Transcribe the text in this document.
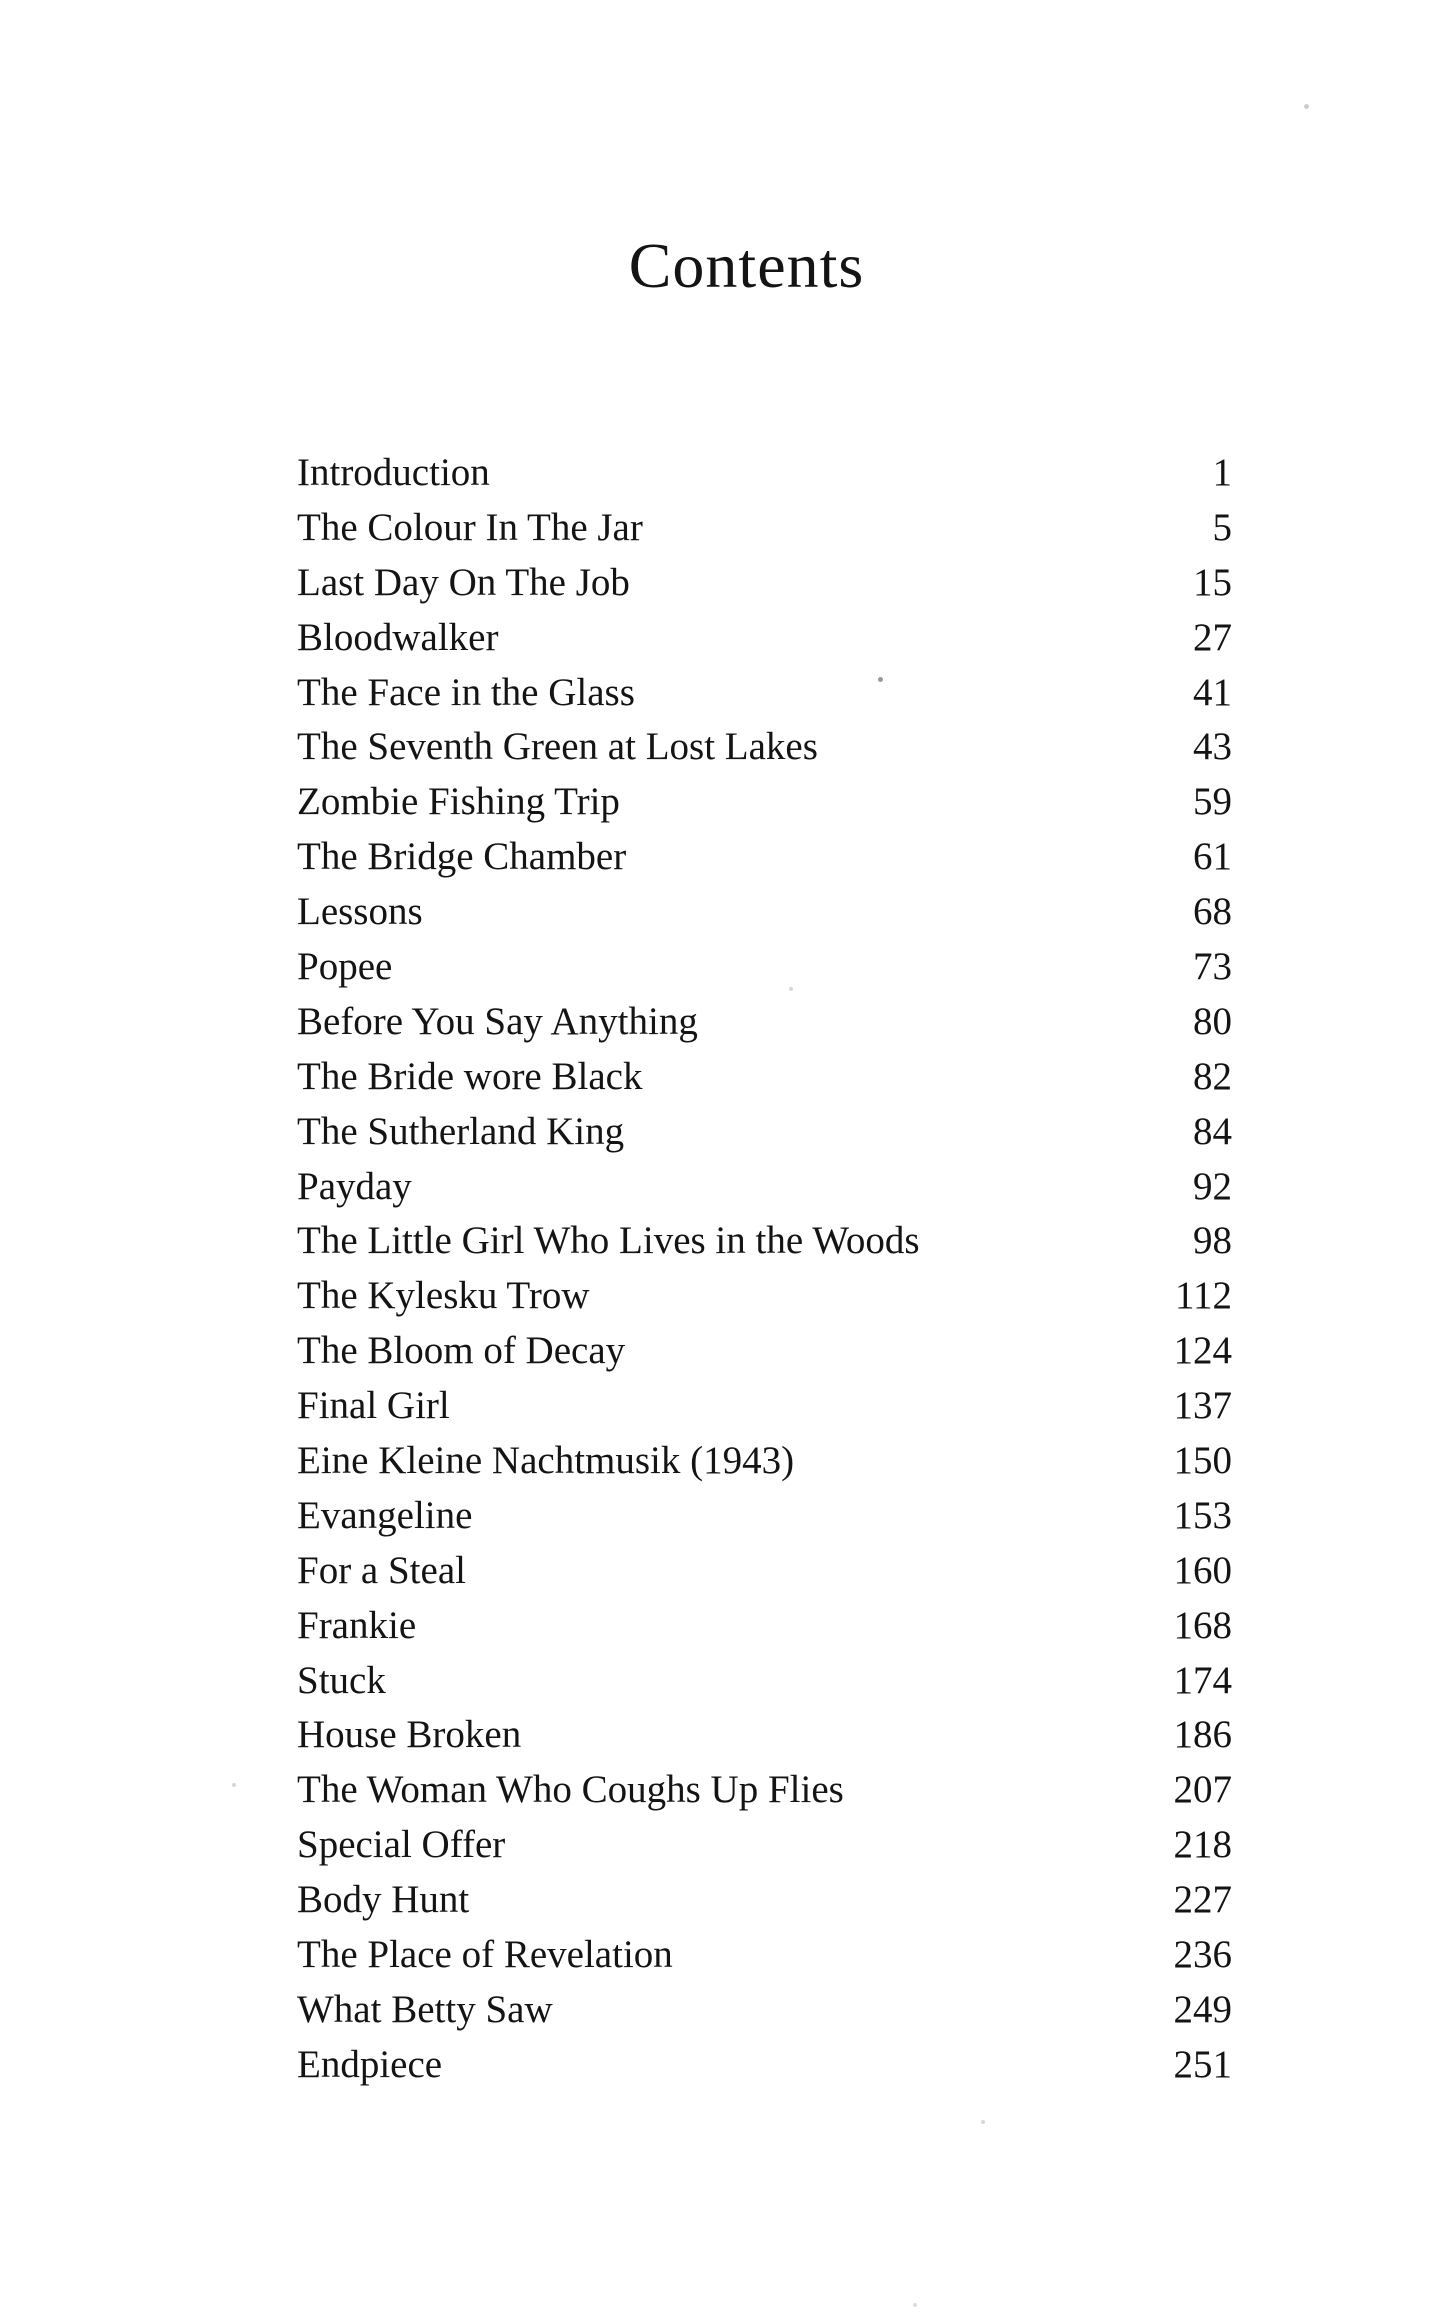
Contents
Introduction	1
The Colour In The Jar	5
Last Day On The Job	15
Bloodwalker	27
The Face in the Glass	41
The Seventh Green at Lost Lakes	43
Zombie Fishing Trip	59
The Bridge Chamber	61
Lessons	68
Popee	73
Before You Say Anything	80
The Bride wore Black	82
The Sutherland King	84
Payday	92
The Little Girl Who Lives in the Woods	98
The Kylesku Trow	112
The Bloom of Decay	124
Final Girl	137
Eine Kleine Nachtmusik (1943)	150
Evangeline	153
For a Steal	160
Frankie	168
Stuck	174
House Broken	186
The Woman Who Coughs Up Flies	207
Special Offer	218
Body Hunt	227
The Place of Revelation	236
What Betty Saw	249
Endpiece	251
